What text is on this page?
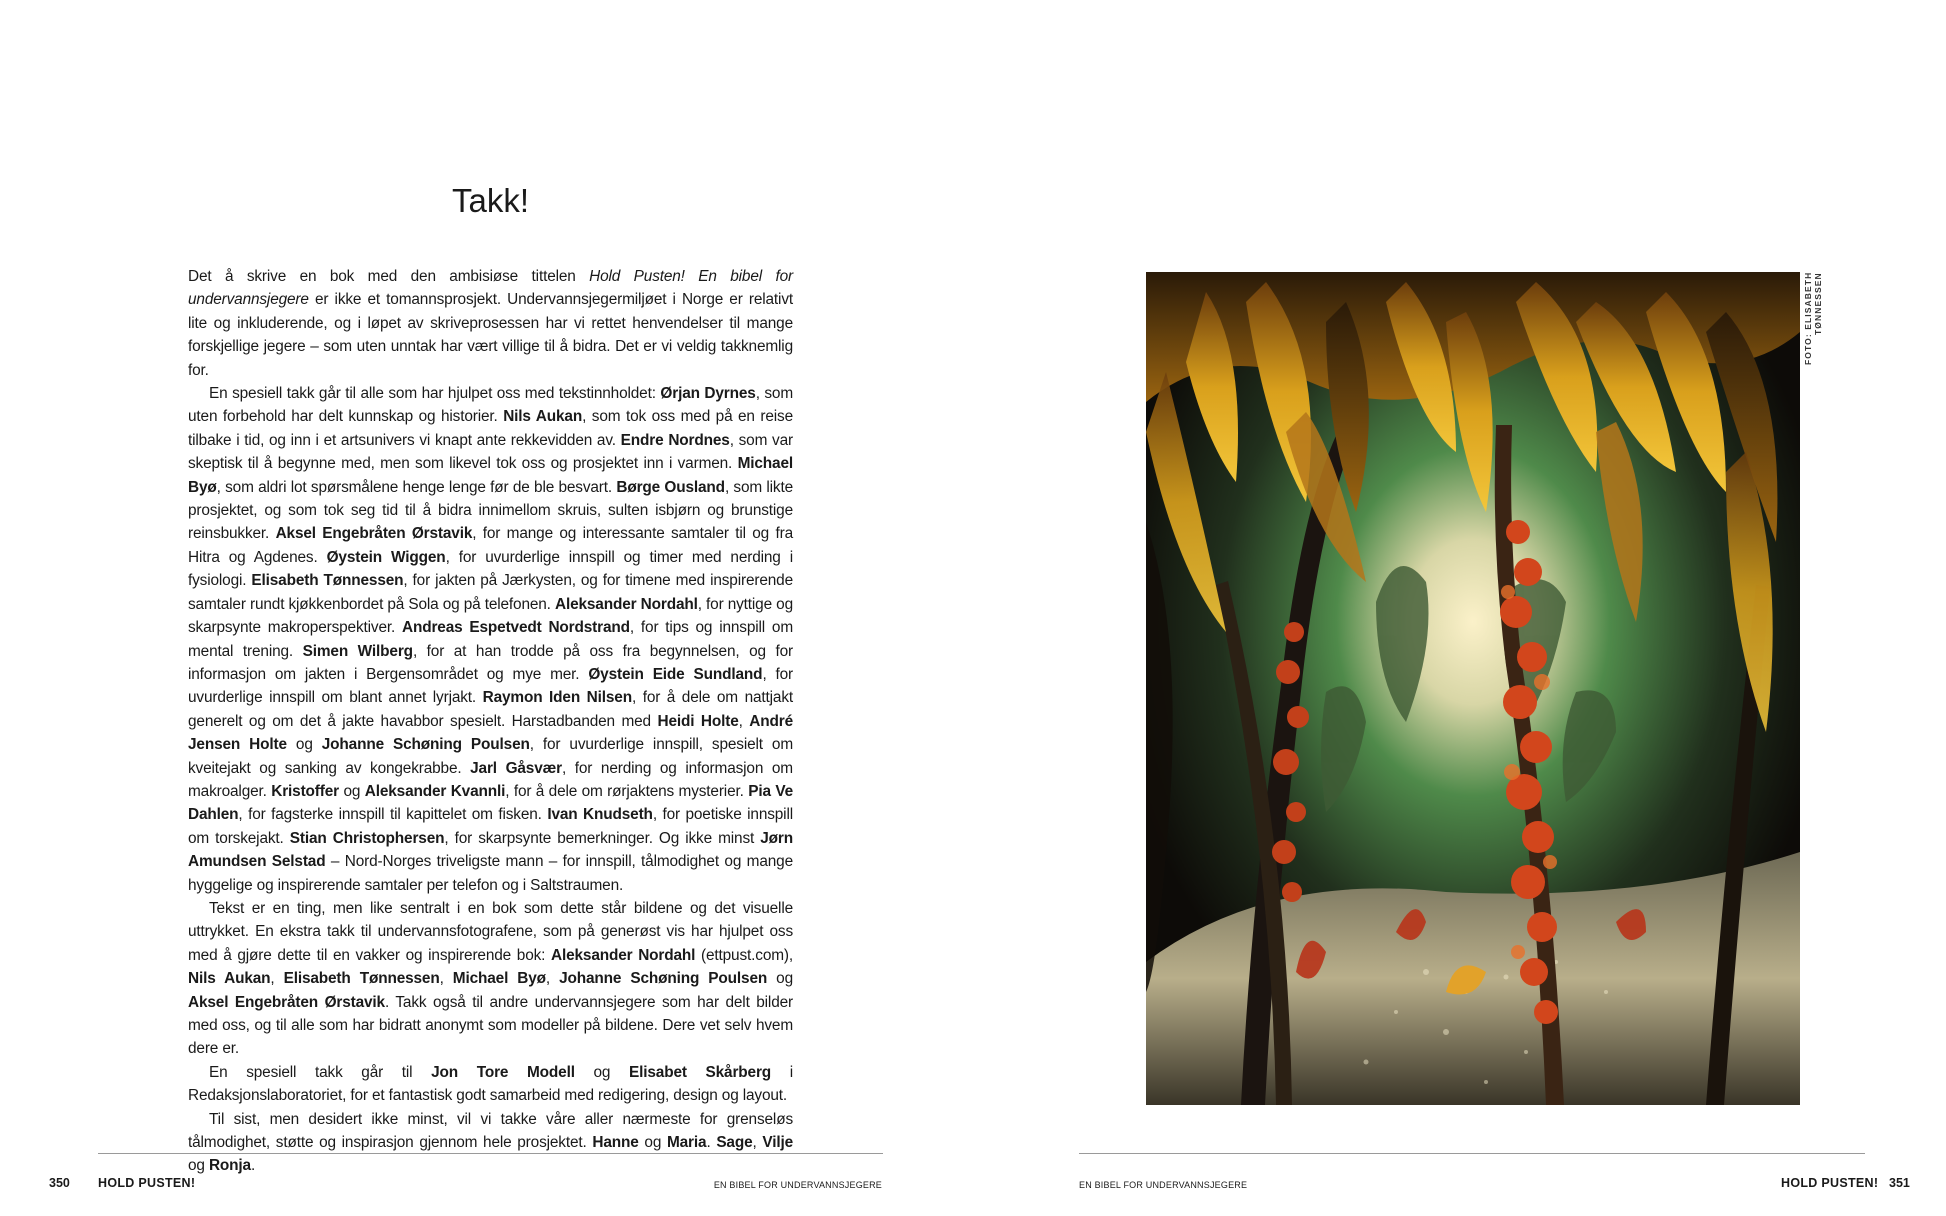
Takk!

Det å skrive en bok med den ambisiøse tittelen Hold Pusten! En bibel for undervannsjegere er ikke et tomannsprosjekt. Undervannsjegermiljøet i Norge er relativt lite og inkluderende, og i løpet av skriveprosessen har vi rettet henvendelser til mange forskjellige jegere – som uten unntak har vært villige til å bidra. Det er vi veldig takknemlig for.

En spesiell takk går til alle som har hjulpet oss med tekstinnholdet: Ørjan Dyrnes, som uten forbehold har delt kunnskap og historier. Nils Aukan, som tok oss med på en reise tilbake i tid, og inn i et artsunivers vi knapt ante rekkevidden av. Endre Nordnes, som var skeptisk til å begynne med, men som likevel tok oss og prosjektet inn i varmen. Michael Byø, som aldri lot spørsmålene henge lenge før de ble besvart. Børge Ousland, som likte prosjektet, og som tok seg tid til å bidra innimellom skruis, sulten isbjørn og brunstige reinsbukker. Aksel Engebråten Ørstavik, for mange og interessante samtaler til og fra Hitra og Agdenes. Øystein Wiggen, for uvurderlige innspill og timer med nerding i fysiologi. Elisabeth Tønnessen, for jakten på Jærkysten, og for timene med inspirerende samtaler rundt kjøkkenbordet på Sola og på telefonen. Aleksander Nordahl, for nyttige og skarpsynte makroperspektiver. Andreas Espetvedt Nordstrand, for tips og innspill om mental trening. Simen Wilberg, for at han trodde på oss fra begynnelsen, og for informasjon om jakten i Bergensområdet og mye mer. Øystein Eide Sundland, for uvurderlige innspill om blant annet lyrjakt. Raymon Iden Nilsen, for å dele om nattjakt generelt og om det å jakte havabbor spesielt. Harstadbanden med Heidi Holte, André Jensen Holte og Johanne Schøning Poulsen, for uvurderlige innspill, spesielt om kveitejakt og sanking av kongekrabbe. Jarl Gåsvær, for nerding og informasjon om makroalger. Kristoffer og Aleksander Kvannli, for å dele om rørjaktens mysterier. Pia Ve Dahlen, for fagsterke innspill til kapittelet om fisken. Ivan Knudseth, for poetiske innspill om torskejakt. Stian Christophersen, for skarpsynte bemerkninger. Og ikke minst Jørn Amundsen Selstad – Nord-Norges triveligste mann – for innspill, tålmodighet og mange hyggelige og inspirerende samtaler per telefon og i Saltstraumen.

Tekst er en ting, men like sentralt i en bok som dette står bildene og det visuelle uttrykket. En ekstra takk til undervannsfotografene, som på generøst vis har hjulpet oss med å gjøre dette til en vakker og inspirerende bok: Aleksander Nordahl (ettpust.com), Nils Aukan, Elisabeth Tønnessen, Michael Byø, Johanne Schøning Poulsen og Aksel Engebråten Ørstavik. Takk også til andre undervannsjegere som har delt bilder med oss, og til alle som har bidratt anonymt som modeller på bildene. Dere vet selv hvem dere er.

En spesiell takk går til Jon Tore Modell og Elisabet Skårberg i Redaksjonslaboratoriet, for et fantastisk godt samarbeid med redigering, design og layout.

Til sist, men desidert ikke minst, vil vi takke våre aller nærmeste for grenseløs tålmodighet, støtte og inspirasjon gjennom hele prosjektet. Hanne og Maria. Sage, Vilje og Ronja.

350 HOLD PUSTEN!	EN BIBEL FOR UNDERVANNSJEGERE
FOTO: ELISABETH TØNNESSEN
EN BIBEL FOR UNDERVANNSJEGERE	HOLD PUSTEN! 351
